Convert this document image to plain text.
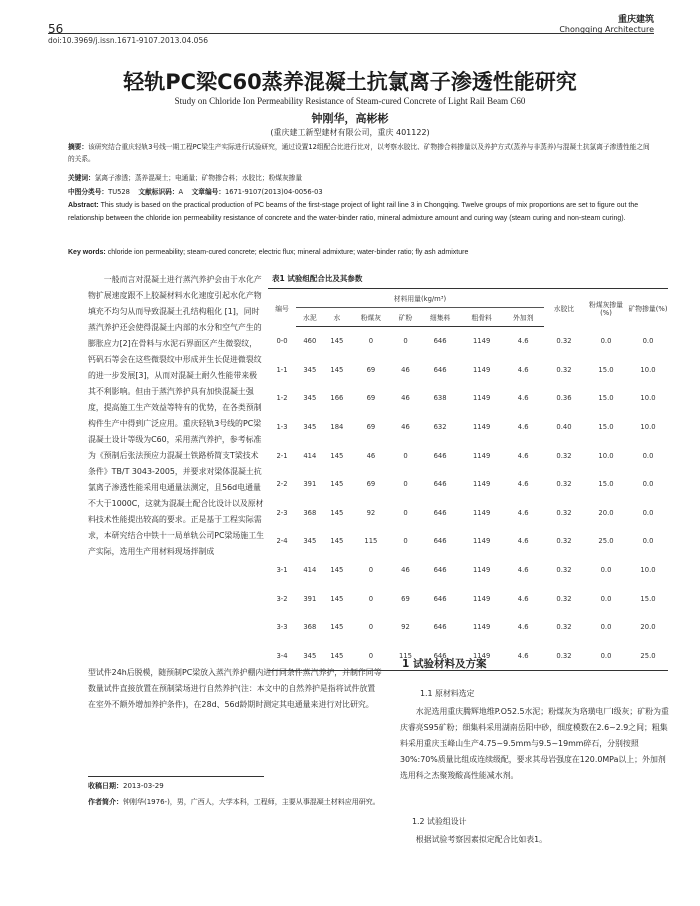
56
重庆建筑
Chongqing Architecture
doi:10.3969/j.issn.1671-9107.2013.04.056
轻轨PC梁C60蒸养混凝土抗氯离子渗透性能研究
Study on Chloride Ion Permeability Resistance of Steam-cured Concrete of Light Rail Beam C60
钟刚华，高彬彬
(重庆建工新型建材有限公司，重庆 401122)
摘要：该研究结合重庆轻轨3号线一期工程PC梁生产实际进行试验研究，通过设置12组配合比进行比对，以考察水胶比、矿物掺合料掺量以及养护方式(蒸养与非蒸养)与混凝土抗氯离子渗透性能之间的关系。
关键词：氯离子渗透；蒸养混凝土；电通量；矿物掺合料；水胶比；粉煤灰掺量
中图分类号：TU528 文献标识码：A 文章编号：1671-9107(2013)04-0056-03
Abstract: This study is based on the practical production of PC beams of the first-stage project of light rail line 3 in Chongqing. Twelve groups of mix proportions are set to figure out the relationship between the chloride ion permeability resistance of concrete and the water-binder ratio, mineral admixture amount and curing way (steam curing and non-steam curing).
Key words: chloride ion permeability; steam-cured concrete; electric flux; mineral admixture; water-binder ratio; fly ash admixture

一般而言对混凝土进行蒸汽养护会由于水化产物扩展速度跟不上胶凝材料水化速度引起水化产物填充不均匀从而导致混凝土孔结构粗化 [1]，同时蒸汽养护还会使得混凝土内部的水分和空气产生的膨胀应力[2]在骨料与水泥石界面区产生微裂纹，钙矾石等会在这些微裂纹中形成并生长促进微裂纹的进一步发展[3]，从而对混凝土耐久性能带来极其不利影响。但由于蒸汽养护具有加快混凝土强度，提高施工生产效益等特有的优势，在各类预制构件生产中得到广泛应用。重庆轻轨3号线的PC梁混凝土设计等级为C60，采用蒸汽养护，参考标准为《预制后张法预应力混凝土铁路桥简支T梁技术条件》TB/T 3043-2005，并要求对梁体混凝土抗氯离子渗透性能采用电通量法测定，且56d电通量不大于1000C，这就为混凝土配合比设计以及原材料技术性能提出较高的要求。正是基于工程实际需求，本研究结合中铁十一局单轨公司PC梁场施工生产实际，选用生产用材料现场拌制成

型试件24h后脱模，随预制PC梁放入蒸汽养护棚内进行同条件蒸汽养护，并制作同等数量试件直接放置在预制梁场进行自然养护(注：本文中的自然养护是指将试件放置在室外不额外增加养护条件)，在28d、56d龄期时测定其电通量来进行对比研究。

表1 试验组配合比及其参数
编号	材料用量(kg/m³)							水胶比	粉煤灰掺量(%)	矿物掺量(%)
	水泥	水	粉煤灰	矿粉	细集料	粗骨料	外加剂			
0-0	460	145	0	0	646	1149	4.6	0.32	0.0	0.0
1-1	345	145	69	46	646	1149	4.6	0.32	15.0	10.0
1-2	345	166	69	46	638	1149	4.6	0.36	15.0	10.0
1-3	345	184	69	46	632	1149	4.6	0.40	15.0	10.0
2-1	414	145	46	0	646	1149	4.6	0.32	10.0	0.0
2-2	391	145	69	0	646	1149	4.6	0.32	15.0	0.0
2-3	368	145	92	0	646	1149	4.6	0.32	20.0	0.0
2-4	345	145	115	0	646	1149	4.6	0.32	25.0	0.0
3-1	414	145	0	46	646	1149	4.6	0.32	0.0	10.0
3-2	391	145	0	69	646	1149	4.6	0.32	0.0	15.0
3-3	368	145	0	92	646	1149	4.6	0.32	0.0	20.0
3-4	345	145	0	115	646	1149	4.6	0.32	0.0	25.0
1 试验材料及方案
1.1 原材料选定

水泥选用重庆腾辉地维P.O52.5水泥；粉煤灰为珞璜电厂Ⅰ级灰；矿粉为重庆睿亮S95矿粉；细集料采用湖南岳阳中砂，细度模数在2.6~2.9之间；粗集料采用重庆玉峰山生产4.75~9.5mm与9.5~19mm碎石，分别按照30%:70%质量比组成连续级配，要求其母岩强度在120.0MPa以上；外加剂选用科之杰聚羧酸高性能减水剂。

1.2 试验组设计

根据试验考察因素拟定配合比如表1。

收稿日期：2013-03-29
作者简介：钟刚华(1976-)，男，广西人，大学本科，工程师，主要从事混凝土材料应用研究。
